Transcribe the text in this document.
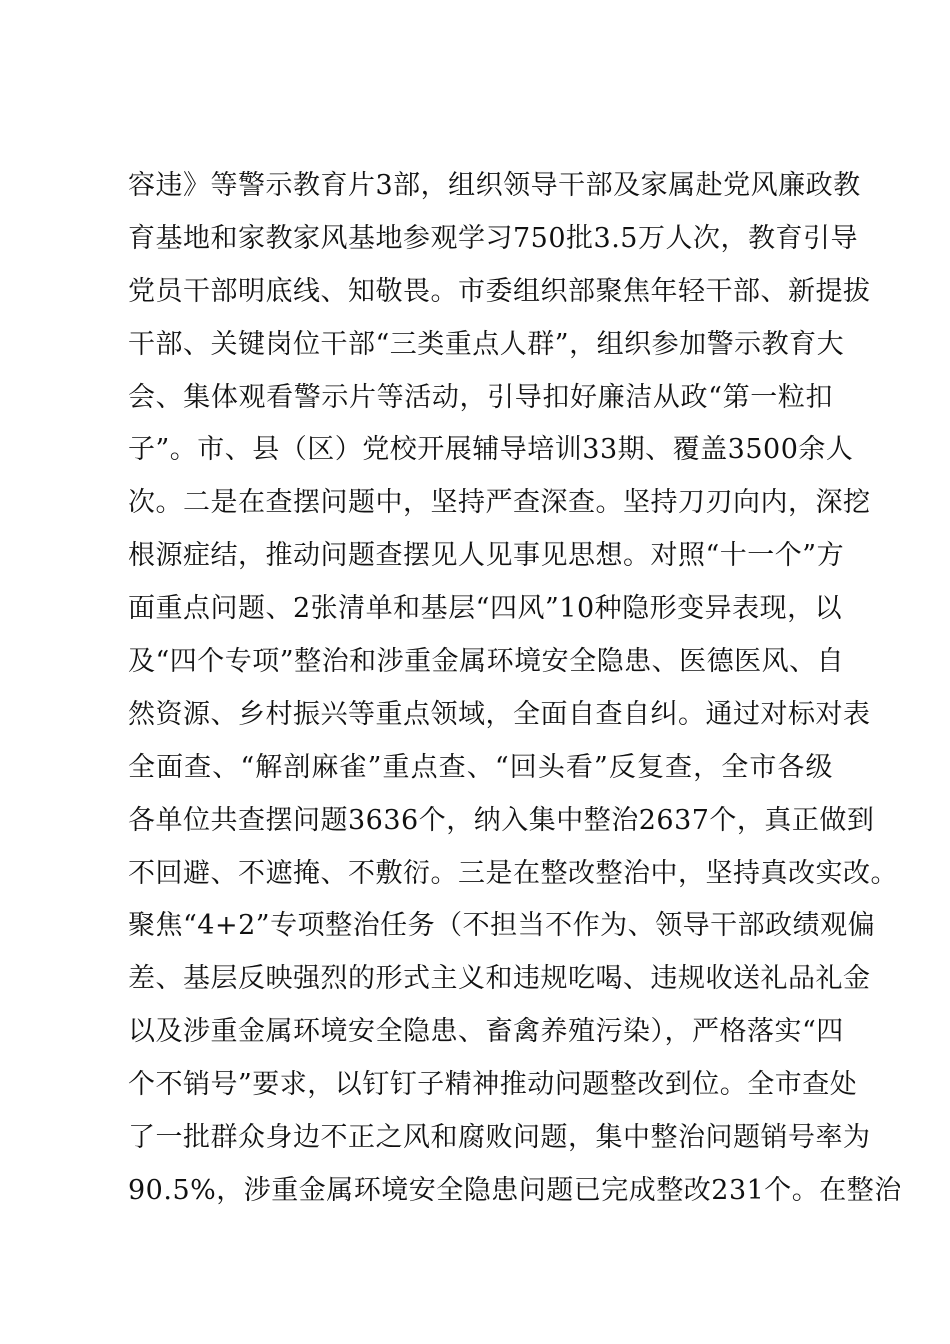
容违》等警示教育片3部，组织领导干部及家属赴党风廉政教
育基地和家教家风基地参观学习750批3.5万人次，教育引导
党员干部明底线、知敬畏。市委组织部聚焦年轻干部、新提拔
干部、关键岗位干部“三类重点人群”，组织参加警示教育大
会、集体观看警示片等活动，引导扣好廉洁从政“第一粒扣
子”。市、县（区）党校开展辅导培训33期、覆盖3500余人
次。二是在查摆问题中，坚持严查深查。坚持刀刃向内，深挖
根源症结，推动问题查摆见人见事见思想。对照“十一个”方
面重点问题、2张清单和基层“四风”10种隐形变异表现，以
及“四个专项”整治和涉重金属环境安全隐患、医德医风、自
然资源、乡村振兴等重点领域，全面自查自纠。通过对标对表
全面查、“解剖麻雀”重点查、“回头看”反复查，全市各级
各单位共查摆问题3636个，纳入集中整治2637个，真正做到
不回避、不遮掩、不敷衍。三是在整改整治中，坚持真改实改。
聚焦“4+2”专项整治任务（不担当不作为、领导干部政绩观偏
差、基层反映强烈的形式主义和违规吃喝、违规收送礼品礼金
以及涉重金属环境安全隐患、畜禽养殖污染），严格落实“四
个不销号”要求，以钉钉子精神推动问题整改到位。全市查处
了一批群众身边不正之风和腐败问题，集中整治问题销号率为
90.5%，涉重金属环境安全隐患问题已完成整改231个。在整治
